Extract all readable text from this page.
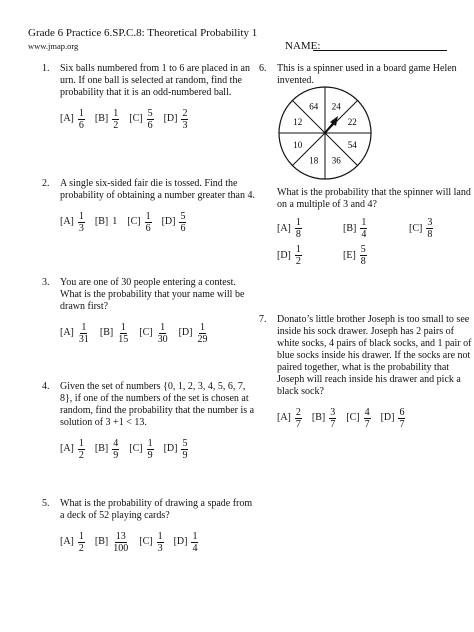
Grade 6 Practice 6.SP.C.8: Theoretical Probability 1
www.jmap.org	NAME:
1.	Six balls numbered from 1 to 6 are placed in an urn. If one ball is selected at random, find the probability that it is an odd-numbered ball.
$[A] \frac{1}{6} [B] \frac{1}{2} [C] \frac{5}{6} [D] \frac{2}{3}$
2.	A single six-sided fair die is tossed. Find the probability of obtaining a number greater than 4.
$[A] \frac{1}{3} [B]$ 1 $[C] \frac{1}{6} [D] \frac{5}{6}$
3.	You are one of 30 people entering a contest. What is the probability that your name will be drawn first?
$[A] \frac{1}{31} [B] \frac{1}{15} [C] \frac{1}{30} [D] \frac{1}{29}$
4.	Given the set of numbers {0, 1, 2, 3, 4, 5, 6, 7, 8}, if one of the numbers of the set is chosen at random, find the probability that the number is a solution of 3 +1 < 13.
$[A] \frac{1}{2} [B] \frac{4}{9} [C] \frac{1}{9} [D] \frac{5}{9}$
5.	What is the probability of drawing a spade from a deck of 52 playing cards?
$[A] \frac{1}{2} [B] \frac{13}{100} [C] \frac{1}{3} [D] \frac{1}{4}$
6.	This is a spinner used in a board game Helen invented.
What is the probability that the spinner will land on a multiple of 3 and 4?
$[A] \frac{1}{8}$	$[B] \frac{1}{4}$	$[C] \frac{3}{8}$
$[D] \frac{1}{2}$	$[E] \frac{5}{8}$
24
22
54
36
18
10
12
64
7.	Donato’s little brother Joseph is too small to see inside his sock drawer. Joseph has 2 pairs of white socks, 4 pairs of black socks, and 1 pair of blue socks inside his drawer. If the socks are not paired together, what is the probability that Joseph will reach inside his drawer and pick a black sock?
$[A] \frac{2}{7} [B] \frac{3}{7} [C] \frac{4}{7} [D] \frac{6}{7}$
